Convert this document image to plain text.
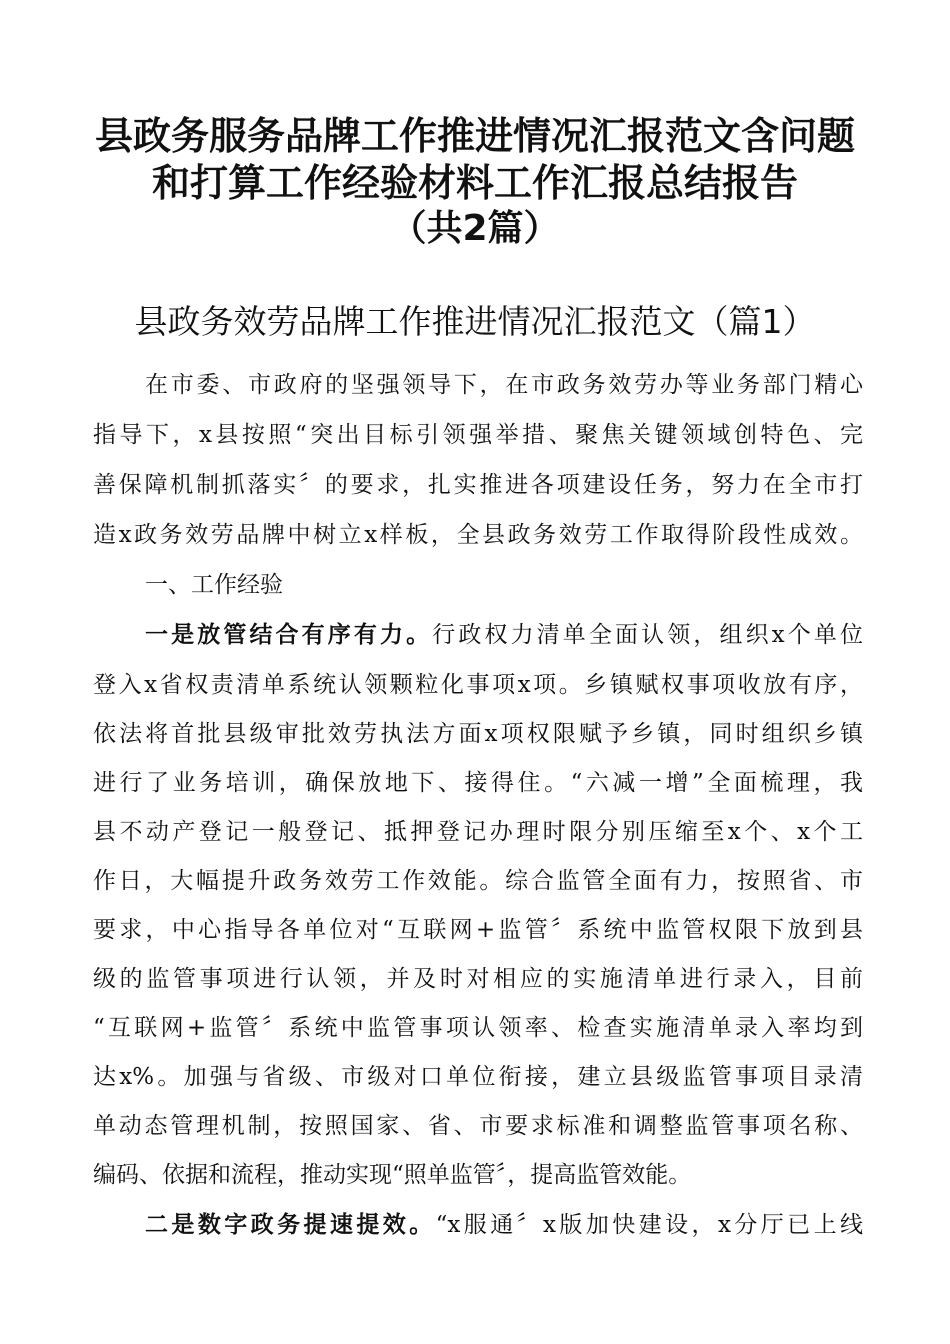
县政务服务品牌工作推进情况汇报范文含问题
和打算工作经验材料工作汇报总结报告
（共2篇）
县政务效劳品牌工作推进情况汇报范文（篇1）

在市委、市政府的坚强领导下，在市政务效劳办等业务部门精心

指导下，x县按照“突出目标引领强举措、聚焦关键领域创特色、完

善保障机制抓落实〞的要求，扎实推进各项建设任务，努力在全市打

造x政务效劳品牌中树立x样板，全县政务效劳工作取得阶段性成效。

一、工作经验

一是放管结合有序有力。行政权力清单全面认领，组织x个单位

登入x省权责清单系统认领颗粒化事项x项。乡镇赋权事项收放有序，

依法将首批县级审批效劳执法方面x项权限赋予乡镇，同时组织乡镇

进行了业务培训，确保放地下、接得住。“六减一增”全面梳理，我

县不动产登记一般登记、抵押登记办理时限分别压缩至x个、x个工

作日，大幅提升政务效劳工作效能。综合监管全面有力，按照省、市

要求，中心指导各单位对“互联网+监管〞系统中监管权限下放到县

级的监管事项进行认领，并及时对相应的实施清单进行录入，目前

“互联网+监管〞系统中监管事项认领率、检查实施清单录入率均到

达x%。加强与省级、市级对口单位衔接，建立县级监管事项目录清

单动态管理机制，按照国家、省、市要求标准和调整监管事项名称、

编码、依据和流程，推动实现“照单监管〞，提高监管效能。

二是数字政务提速提效。“x服通〞x版加快建设，x分厅已上线
